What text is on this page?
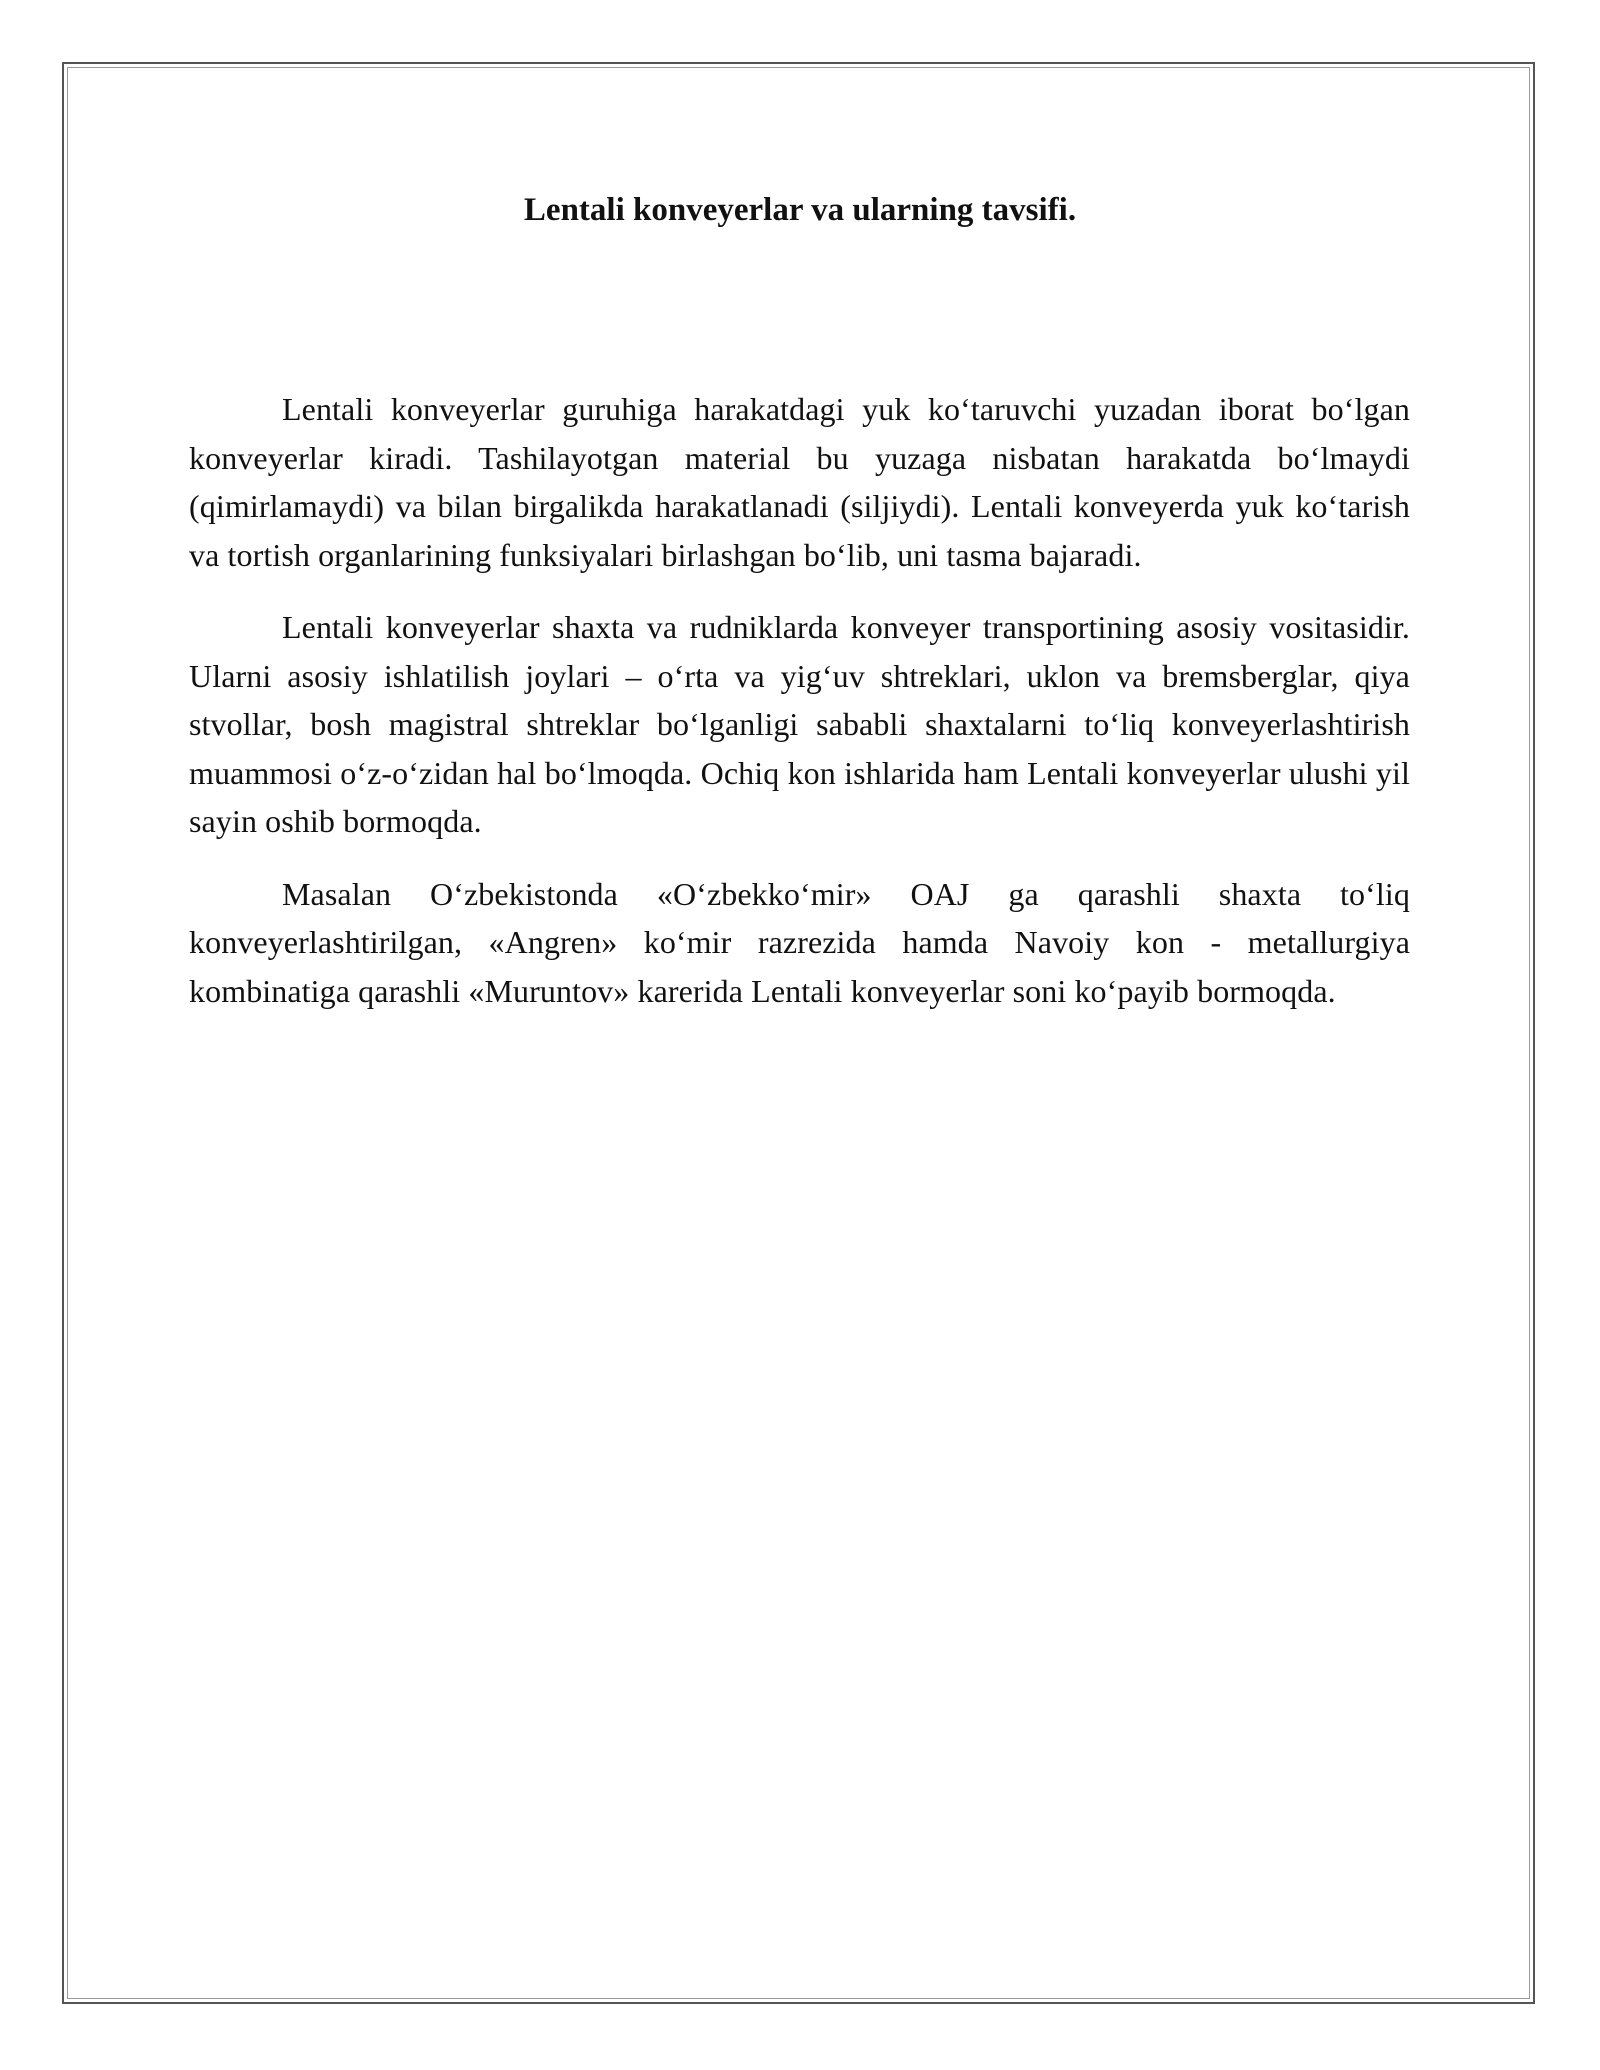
Lentali konveyerlar va ularning tavsifi.

Lentali konveyerlar guruhiga harakatdagi yuk ko‘taruvchi yuzadan iborat bo‘lgan konveyerlar kiradi. Tashilayotgan material bu yuzaga nisbatan harakatda bo‘lmaydi (qimirlamaydi) va bilan birgalikda harakatlanadi (siljiydi). Lentali konveyerda yuk ko‘tarish va tortish organlarining funksiyalari birlashgan bo‘lib, uni tasma bajaradi.

Lentali konveyerlar shaxta va rudniklarda konveyer transportining asosiy vositasidir. Ularni asosiy ishlatilish joylari – o‘rta va yig‘uv shtreklari, uklon va bremsberglar, qiya stvollar, bosh magistral shtreklar bo‘lganligi sababli shaxtalarni to‘liq konveyerlashtirish muammosi o‘z-o‘zidan hal bo‘lmoqda. Ochiq kon ishlarida ham Lentali konveyerlar ulushi yil sayin oshib bormoqda.

Masalan O‘zbekistonda «O‘zbekko‘mir» OAJ ga qarashli shaxta to‘liq konveyerlashtirilgan, «Angren» ko‘mir razrezida hamda Navoiy kon - metallurgiya kombinatiga qarashli «Muruntov» karerida Lentali konveyerlar soni ko‘payib bormoqda.
